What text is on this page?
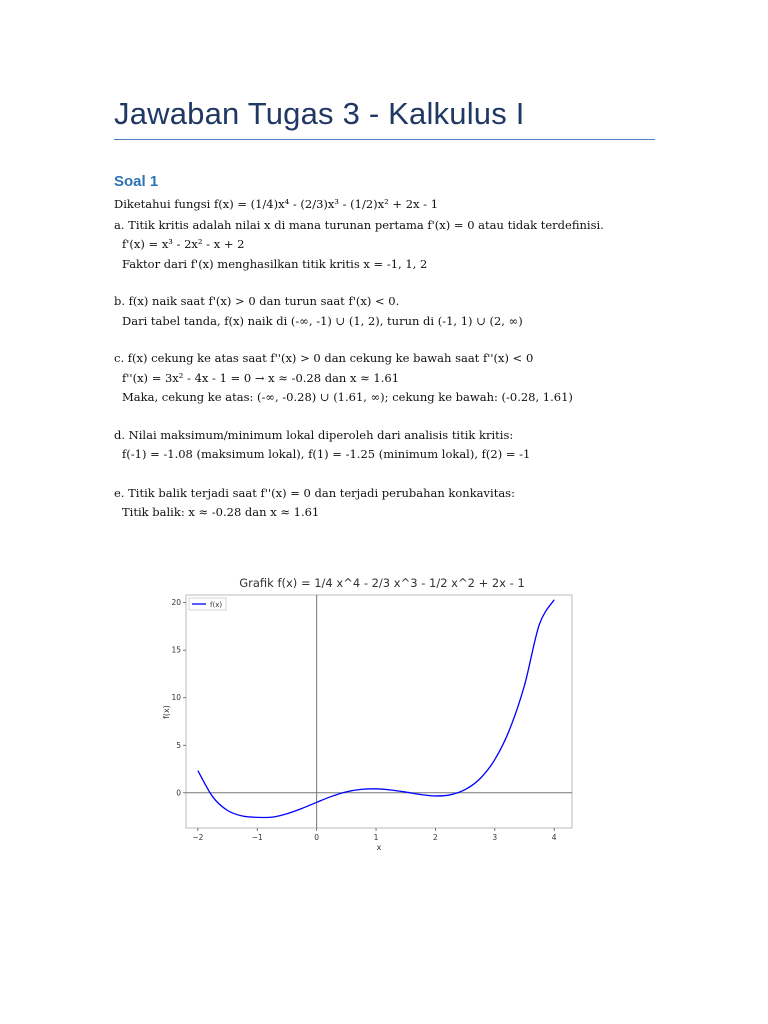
Jawaban Tugas 3 - Kalkulus I
Soal 1
Diketahui fungsi f(x) = (1/4)x⁴ - (2/3)x³ - (1/2)x² + 2x - 1
a. Titik kritis adalah nilai x di mana turunan pertama f'(x) = 0 atau tidak terdefinisi.
f'(x) = x³ - 2x² - x + 2
Faktor dari f'(x) menghasilkan titik kritis x = -1, 1, 2
b. f(x) naik saat f'(x) > 0 dan turun saat f'(x) < 0.
Dari tabel tanda, f(x) naik di (-∞, -1) ∪ (1, 2), turun di (-1, 1) ∪ (2, ∞)
c. f(x) cekung ke atas saat f''(x) > 0 dan cekung ke bawah saat f''(x) < 0
f''(x) = 3x² - 4x - 1 = 0 → x ≈ -0.28 dan x ≈ 1.61
Maka, cekung ke atas: (-∞, -0.28) ∪ (1.61, ∞); cekung ke bawah: (-0.28, 1.61)
d. Nilai maksimum/minimum lokal diperoleh dari analisis titik kritis:
f(-1) = -1.08 (maksimum lokal), f(1) = -1.25 (minimum lokal), f(2) = -1
e. Titik balik terjadi saat f''(x) = 0 dan terjadi perubahan konkavitas:
Titik balik: x ≈ -0.28 dan x ≈ 1.61
Grafik f(x) = 1/4 x^4 - 2/3 x^3 - 1/2 x^2 + 2x - 1
−2	−1	0	1	2	3	4
0
5
10
15
20	f(x)
x
f(x)
